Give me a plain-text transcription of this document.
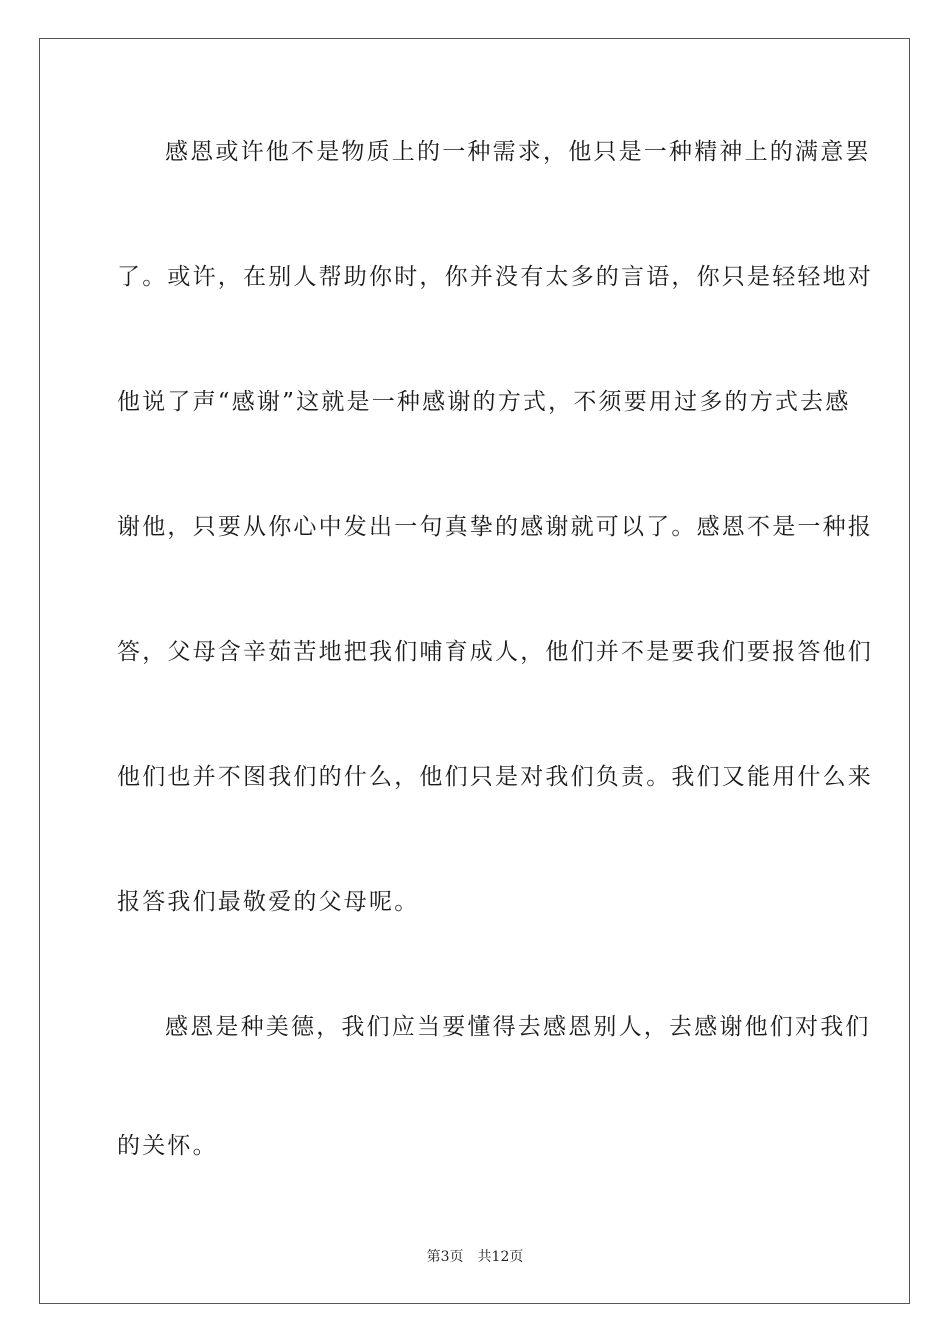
感恩或许他不是物质上的一种需求，他只是一种精神上的满意罢
了。或许，在别人帮助你时，你并没有太多的言语，你只是轻轻地对
他说了声“感谢”这就是一种感谢的方式，不须要用过多的方式去感
谢他，只要从你心中发出一句真挚的感谢就可以了。感恩不是一种报
答，父母含辛茹苦地把我们哺育成人，他们并不是要我们要报答他们
他们也并不图我们的什么，他们只是对我们负责。我们又能用什么来
报答我们最敬爱的父母呢。
感恩是种美德，我们应当要懂得去感恩别人，去感谢他们对我们
的关怀。
第3页 共12页
